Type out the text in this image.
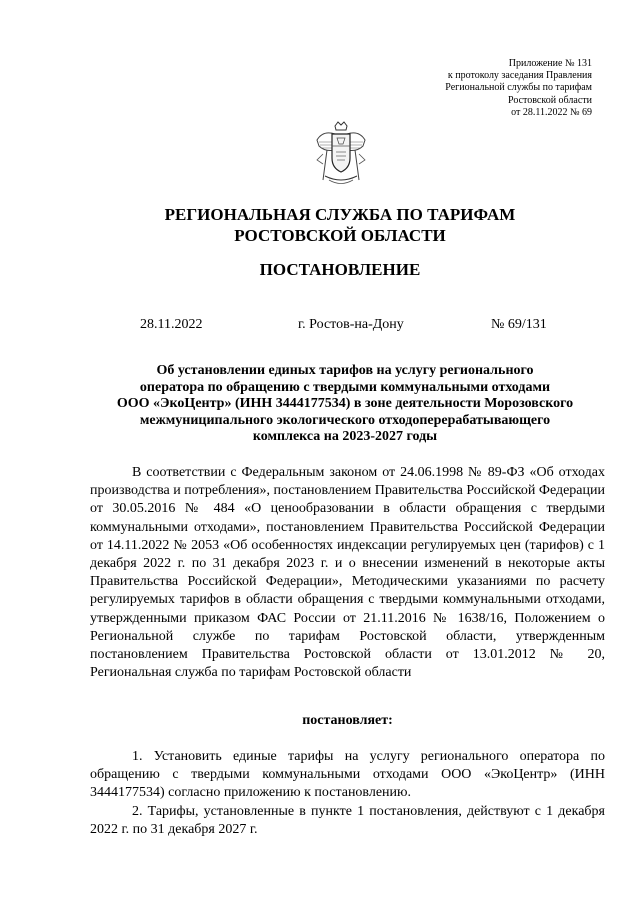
Приложение № 131
к протоколу заседания Правления
Региональной службы по тарифам
Ростовской области
от 28.11.2022 № 69
РЕГИОНАЛЬНАЯ СЛУЖБА ПО ТАРИФАМ
РОСТОВСКОЙ ОБЛАСТИ
ПОСТАНОВЛЕНИЕ
28.11.2022	г. Ростов-на-Дону	№ 69/131
Об установлении единых тарифов на услугу регионального
оператора по обращению с твердыми коммунальными отходами
ООО «ЭкоЦентр» (ИНН 3444177534) в зоне деятельности Морозовского
межмуниципального экологического отходоперерабатывающего
комплекса на 2023-2027 годы

В соответствии с Федеральным законом от 24.06.1998 № 89-ФЗ «Об отходах производства и потребления», постановлением Правительства Российской Федерации от 30.05.2016 № 484 «О ценообразовании в области обращения с твердыми коммунальными отходами», постановлением Правительства Российской Федерации от 14.11.2022 № 2053 «Об особенностях индексации регулируемых цен (тарифов) с 1 декабря 2022 г. по 31 декабря 2023 г. и о внесении изменений в некоторые акты Правительства Российской Федерации», Методическими указаниями по расчету регулируемых тарифов в области обращения с твердыми коммунальными отходами, утвержденными приказом ФАС России от 21.11.2016 № 1638/16, Положением о Региональной службе по тарифам Ростовской области, утвержденным постановлением Правительства Ростовской области от 13.01.2012 № 20, Региональная служба по тарифам Ростовской области

постановляет:

1. Установить единые тарифы на услугу регионального оператора по обращению с твердыми коммунальными отходами ООО «ЭкоЦентр» (ИНН 3444177534) согласно приложению к постановлению.

2. Тарифы, установленные в пункте 1 постановления, действуют с 1 декабря 2022 г. по 31 декабря 2027 г.
